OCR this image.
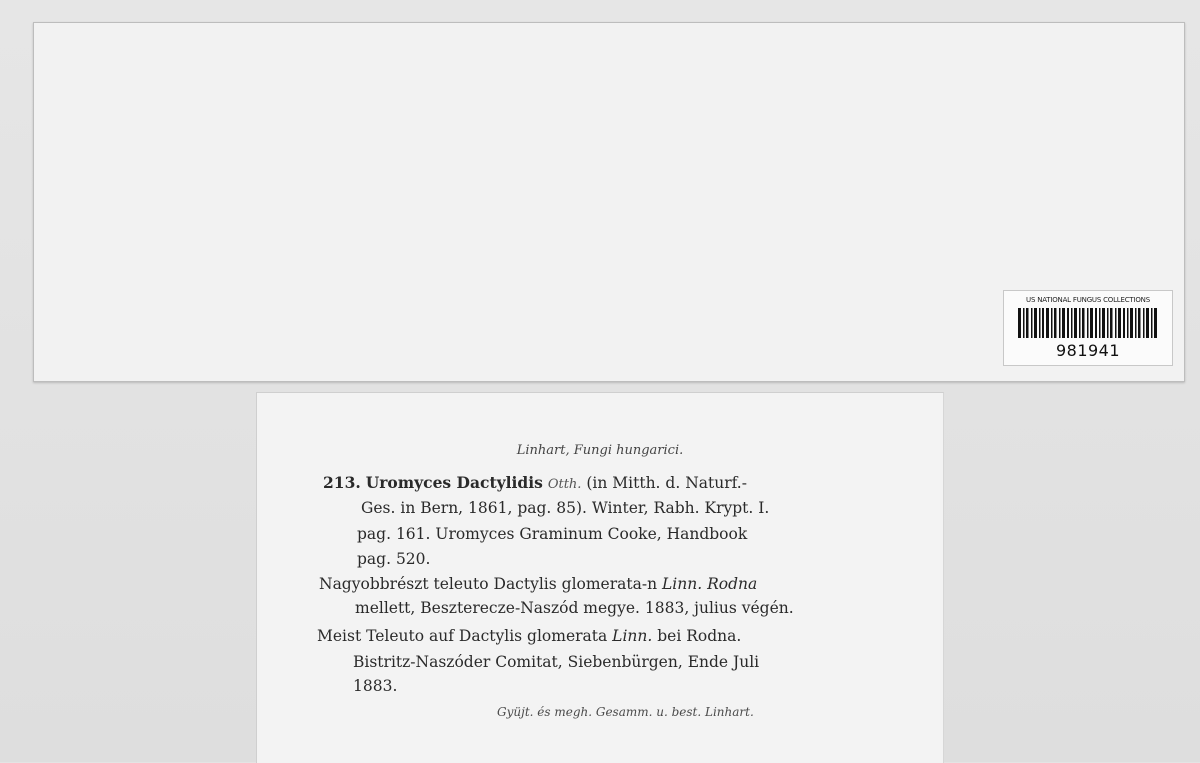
US NATIONAL FUNGUS COLLECTIONS
981941
Linhart, Fungi hungarici.
213. Uromyces Dactylidis Otth. (in Mitth. d. Naturf.-
Ges. in Bern, 1861, pag. 85). Winter, Rabh. Krypt. I.
pag. 161. Uromyces Graminum Cooke, Handbook
pag. 520.
Nagyobbrészt teleuto Dactylis glomerata-n Linn. Rodna
mellett, Beszterecze-Naszód megye. 1883, julius végén.
Meist Teleuto auf Dactylis glomerata Linn. bei Rodna.
Bistritz-Naszóder Comitat, Siebenbürgen, Ende Juli
1883.
Gyüjt. és megh. Gesamm. u. best. Linhart.
